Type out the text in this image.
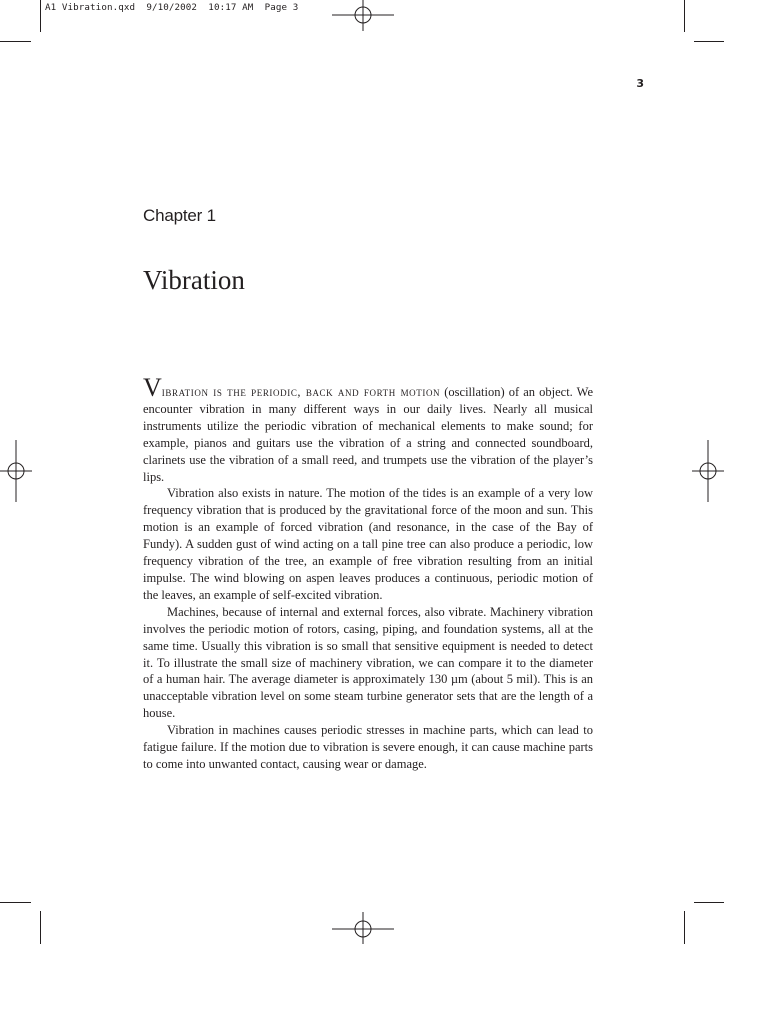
A1 Vibration.qxd  9/10/2002  10:17 AM  Page 3
3
Chapter 1
Vibration

Vibration is the periodic, back and forth motion (oscillation) of an object. We encounter vibration in many different ways in our daily lives. Nearly all musical instruments utilize the periodic vibration of mechanical elements to make sound; for example, pianos and guitars use the vibration of a string and connected soundboard, clarinets use the vibration of a small reed, and trumpets use the vibration of the player’s lips.

Vibration also exists in nature. The motion of the tides is an example of a very low frequency vibration that is produced by the gravitational force of the moon and sun. This motion is an example of forced vibration (and resonance, in the case of the Bay of Fundy). A sudden gust of wind acting on a tall pine tree can also produce a periodic, low frequency vibration of the tree, an example of free vibration resulting from an initial impulse. The wind blowing on aspen leaves produces a continuous, periodic motion of the leaves, an example of self-excited vibration.

Machines, because of internal and external forces, also vibrate. Machinery vibration involves the periodic motion of rotors, casing, piping, and foundation systems, all at the same time. Usually this vibration is so small that sensitive equipment is needed to detect it. To illustrate the small size of machinery vibration, we can compare it to the diameter of a human hair. The average diameter is approximately 130 µm (about 5 mil). This is an unacceptable vibration level on some steam turbine generator sets that are the length of a house.

Vibration in machines causes periodic stresses in machine parts, which can lead to fatigue failure. If the motion due to vibration is severe enough, it can cause machine parts to come into unwanted contact, causing wear or damage.
